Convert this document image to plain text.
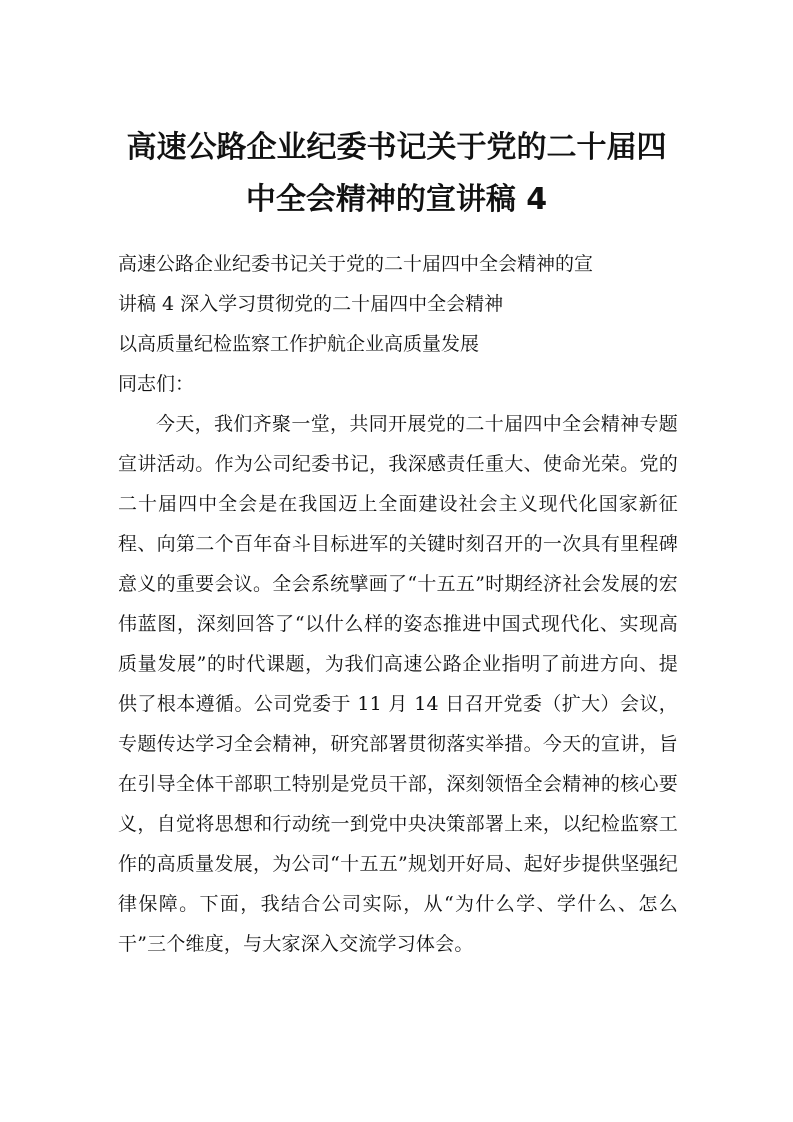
高速公路企业纪委书记关于党的二十届四
中全会精神的宣讲稿 4

高速公路企业纪委书记关于党的二十届四中全会精神的宣

讲稿 4 深入学习贯彻党的二十届四中全会精神

以高质量纪检监察工作护航企业高质量发展

同志们：

今天，我们齐聚一堂，共同开展党的二十届四中全会精神专题宣讲活动。作为公司纪委书记，我深感责任重大、使命光荣。党的二十届四中全会是在我国迈上全面建设社会主义现代化国家新征程、向第二个百年奋斗目标进军的关键时刻召开的一次具有里程碑意义的重要会议。全会系统擘画了“十五五”时期经济社会发展的宏伟蓝图，深刻回答了“以什么样的姿态推进中国式现代化、实现高质量发展”的时代课题，为我们高速公路企业指明了前进方向、提供了根本遵循。公司党委于 11 月 14 日召开党委（扩大）会议，专题传达学习全会精神，研究部署贯彻落实举措。今天的宣讲，旨在引导全体干部职工特别是党员干部，深刻领悟全会精神的核心要义，自觉将思想和行动统一到党中央决策部署上来，以纪检监察工作的高质量发展，为公司“十五五”规划开好局、起好步提供坚强纪律保障。下面，我结合公司实际，从“为什么学、学什么、怎么干”三个维度，与大家深入交流学习体会。
